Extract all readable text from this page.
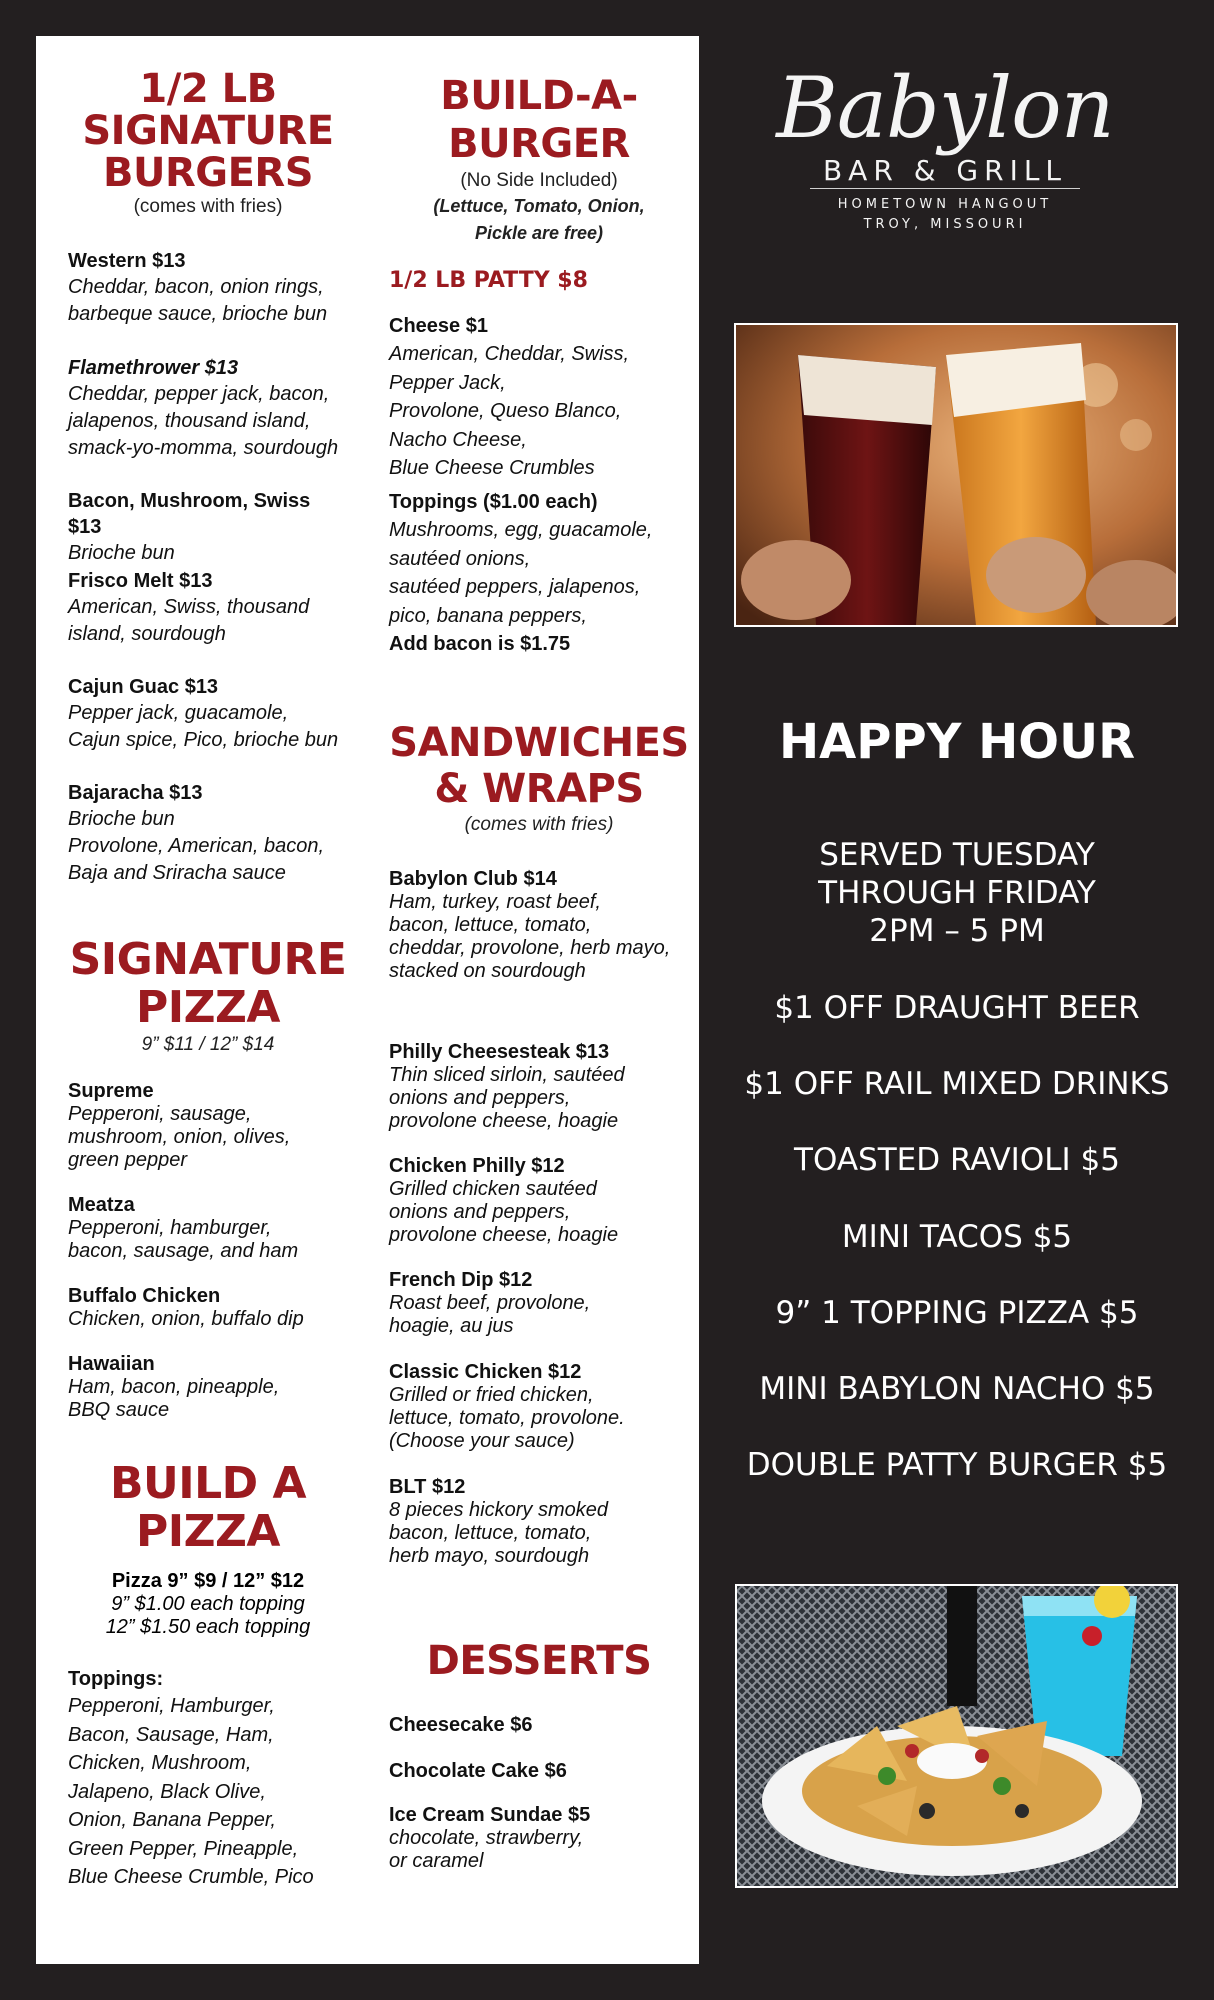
1/2 LB
SIGNATURE
BURGERS
(comes with fries)
Western $13
Cheddar, bacon, onion rings,
barbeque sauce, brioche bun
Flamethrower $13
Cheddar, pepper jack, bacon,
jalapenos, thousand island,
smack-yo-momma, sourdough
Bacon, Mushroom, Swiss $13
Brioche bun
Frisco Melt $13
American, Swiss, thousand
island, sourdough
Cajun Guac $13
Pepper jack, guacamole,
Cajun spice, Pico, brioche bun
Bajaracha $13
Brioche bun
Provolone, American, bacon,
Baja and Sriracha sauce
SIGNATURE
PIZZA
9” $11 / 12” $14
Supreme
Pepperoni, sausage,
mushroom, onion, olives,
green pepper
Meatza
Pepperoni, hamburger,
bacon, sausage, and ham
Buffalo Chicken
Chicken, onion, buffalo dip
Hawaiian
Ham, bacon, pineapple,
BBQ sauce
BUILD A
PIZZA
Pizza 9” $9 / 12” $12
9” $1.00 each topping
12” $1.50 each topping
Toppings:
Pepperoni, Hamburger,
Bacon, Sausage, Ham,
Chicken, Mushroom,
Jalapeno, Black Olive,
Onion, Banana Pepper,
Green Pepper, Pineapple,
Blue Cheese Crumble, Pico
BUILD-A-
BURGER
(No Side Included)
(Lettuce, Tomato, Onion,
Pickle are free)
1/2 LB PATTY $8
Cheese $1
American, Cheddar, Swiss,
Pepper Jack,
Provolone, Queso Blanco,
Nacho Cheese,
Blue Cheese Crumbles
Toppings ($1.00 each)
Mushrooms, egg, guacamole,
sautéed onions,
sautéed peppers, jalapenos,
pico, banana peppers,
Add bacon is $1.75
SANDWICHES
& WRAPS
(comes with fries)
Babylon Club $14
Ham, turkey, roast beef,
bacon, lettuce, tomato,
cheddar, provolone, herb mayo,
stacked on sourdough
Philly Cheesesteak $13
Thin sliced sirloin, sautéed
onions and peppers,
provolone cheese, hoagie
Chicken Philly $12
Grilled chicken sautéed
onions and peppers,
provolone cheese, hoagie
French Dip $12
Roast beef, provolone,
hoagie, au jus
Classic Chicken $12
Grilled or fried chicken,
lettuce, tomato, provolone.
(Choose your sauce)
BLT $12
8 pieces hickory smoked
bacon, lettuce, tomato,
herb mayo, sourdough
DESSERTS
Cheesecake $6
Chocolate Cake $6
Ice Cream Sundae $5
chocolate, strawberry,
or caramel
Babylon
BAR & GRILL
HOMETOWN HANGOUT
TROY, MISSOURI
HAPPY HOUR
SERVED TUESDAY
THROUGH FRIDAY
2PM – 5 PM
$1 OFF DRAUGHT BEER
$1 OFF RAIL MIXED DRINKS
TOASTED RAVIOLI $5
MINI TACOS $5
9” 1 TOPPING PIZZA $5
MINI BABYLON NACHO $5
DOUBLE PATTY BURGER $5
